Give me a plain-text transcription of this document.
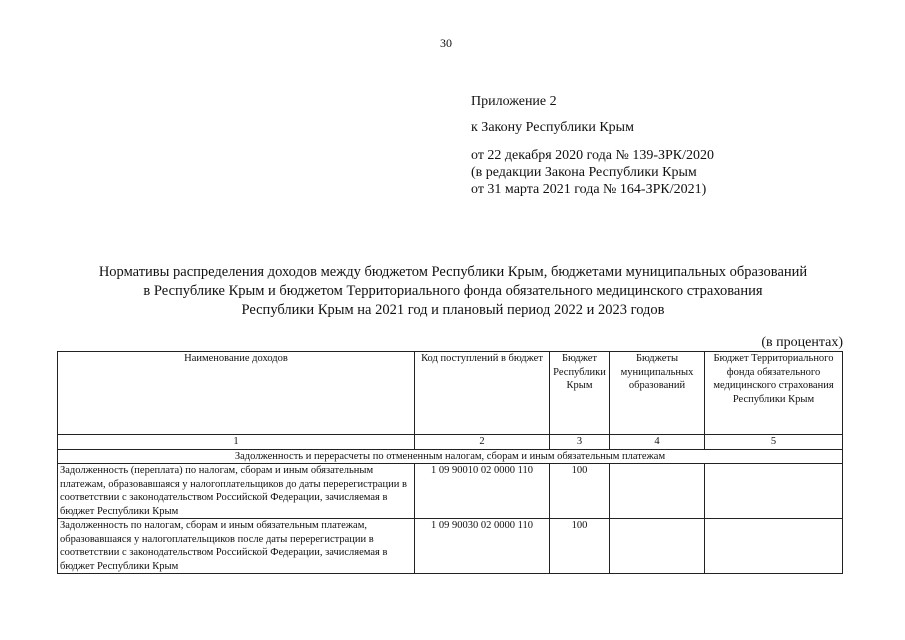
30
Приложение 2
к Закону Республики Крым
от 22 декабря 2020 года № 139-ЗРК/2020
(в редакции Закона Республики Крым
от 31 марта 2021 года № 164-ЗРК/2021)
Нормативы распределения доходов между бюджетом Республики Крым, бюджетами муниципальных образований
в Республике Крым и бюджетом Территориального фонда обязательного медицинского страхования
Республики Крым на 2021 год и плановый период 2022 и 2023 годов
(в процентах)
Наименование доходов	Код поступлений в бюджет	Бюджет Республики Крым	Бюджеты муниципальных образований	Бюджет Территориального фонда обязательного медицинского страхования Республики Крым
1	2	3	4	5
Задолженность и перерасчеты по отмененным налогам, сборам и иным обязательным платежам				
Задолженность (переплата) по налогам, сборам и иным обязательным платежам, образовавшаяся у налогоплательщиков до даты перерегистрации в соответствии с законодательством Российской Федерации, зачисляемая в бюджет Республики Крым	1 09 90010 02 0000 110	100		
Задолженность по налогам, сборам и иным обязательным платежам, образовавшаяся у налогоплательщиков после даты перерегистрации в соответствии с законодательством Российской Федерации, зачисляемая в бюджет Республики Крым	1 09 90030 02 0000 110	100		
